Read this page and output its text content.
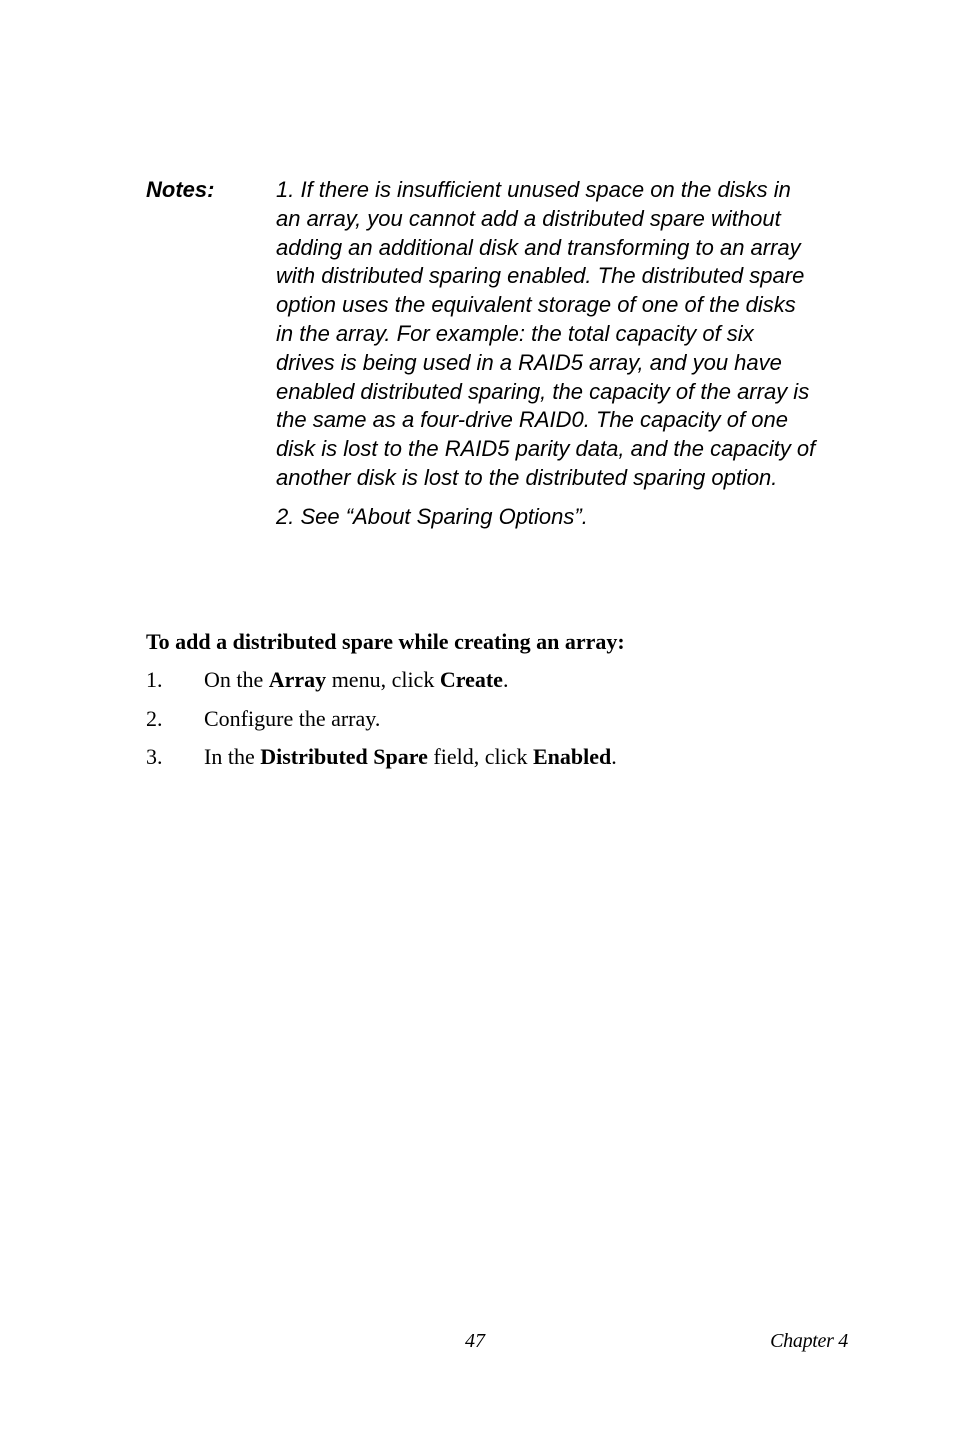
Notes:	1. If there is insufficient unused space on the disks in an array, you cannot add a distributed spare without adding an additional disk and transforming to an array with distributed sparing enabled. The distributed spare option uses the equivalent storage of one of the disks in the array. For example: the total capacity of six drives is being used in a RAID5 array, and you have enabled distributed sparing, the capacity of the array is the same as a four-drive RAID0. The capacity of one disk is lost to the RAID5 parity data, and the capacity of another disk is lost to the distributed sparing option.

2. See “About Sparing Options”.

To add a distributed spare while creating an array:

1.	On the Array menu, click Create.
2.	Configure the array.
3.	In the Distributed Spare field, click Enabled.
47	Chapter 4
